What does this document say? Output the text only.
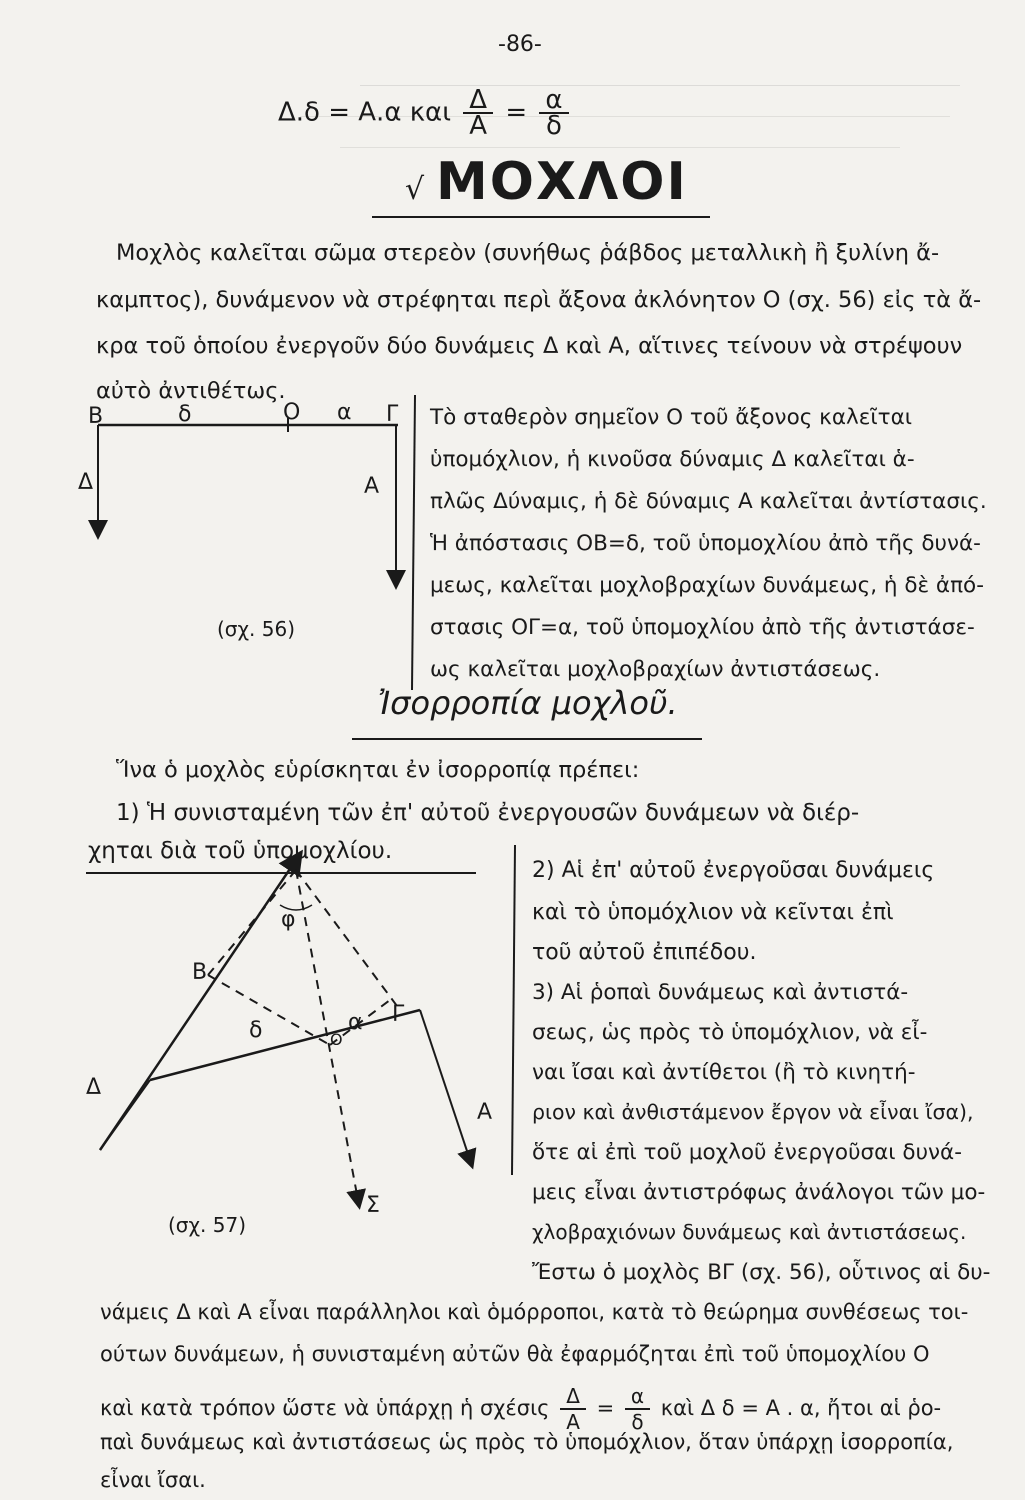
-86-
Δ.δ = Α.α και $\frac{\Delta}{A} = \frac{\alpha}{\delta}$
√ ΜΟΧΛΟΙ
Μοχλὸς καλεῖται σῶμα στερεὸν (συνήθως ῥάβδος μεταλλικὴ ἢ ξυλίνη ἄ-
καμπτος), δυνάμενον νὰ στρέφηται περὶ ἄξονα ἀκλόνητον Ο (σχ. 56) εἰς τὰ ἄ-
κρα τοῦ ὁποίου ἐνεργοῦν δύο δυνάμεις Δ καὶ Α, αἵτινες τείνουν νὰ στρέψουν
αὐτὸ ἀντιθέτως.
Β	δ	Ο α Γ
Δ	Α
(σχ. 56)
Τὸ σταθερὸν σημεῖον Ο τοῦ ἄξονος καλεῖται
ὑπομόχλιον, ἡ κινοῦσα δύναμις Δ καλεῖται ἁ-
πλῶς Δύναμις, ἡ δὲ δύναμις Α καλεῖται ἀντίστασις.
Ἡ ἀπόστασις ΟΒ=δ, τοῦ ὑπομοχλίου ἀπὸ τῆς δυνά-
μεως, καλεῖται μοχλοβραχίων δυνάμεως, ἡ δὲ ἀπό-
στασις ΟΓ=α, τοῦ ὑπομοχλίου ἀπὸ τῆς ἀντιστάσε-
ως καλεῖται μοχλοβραχίων ἀντιστάσεως.
Ἰσορροπία μοχλοῦ.
Ἵνα ὁ μοχλὸς εὑρίσκηται ἐν ἰσορροπίᾳ πρέπει:
1) Ἡ συνισταμένη τῶν ἐπ' αὐτοῦ ἐνεργουσῶν δυνάμεων νὰ διέρ-
χηται διὰ τοῦ ὑπομοχλίου.
φ
Β
δ	Ο
α Γ
Δ
Α
Σ
(σχ. 57)
2) Αἱ ἐπ' αὐτοῦ ἐνεργοῦσαι δυνάμεις
καὶ τὸ ὑπομόχλιον νὰ κεῖνται ἐπὶ
τοῦ αὐτοῦ ἐπιπέδου.
3) Αἱ ῥοπαὶ δυνάμεως καὶ ἀντιστά-
σεως, ὡς πρὸς τὸ ὑπομόχλιον, νὰ εἶ-
ναι ἴσαι καὶ ἀντίθετοι (ἢ τὸ κινητή-
ριον καὶ ἀνθιστάμενον ἔργον νὰ εἶναι ἴσα),
ὅτε αἱ ἐπὶ τοῦ μοχλοῦ ἐνεργοῦσαι δυνά-
μεις εἶναι ἀντιστρόφως ἀνάλογοι τῶν μο-
χλοβραχιόνων δυνάμεως καὶ ἀντιστάσεως.
Ἔστω ὁ μοχλὸς ΒΓ (σχ. 56), οὗτινος αἱ δυ-
νάμεις Δ καὶ Α εἶναι παράλληλοι καὶ ὁμόρροποι, κατὰ τὸ θεώρημα συνθέσεως τοι-
ούτων δυνάμεων, ἡ συνισταμένη αὐτῶν θὰ ἐφαρμόζηται ἐπὶ τοῦ ὑπομοχλίου Ο
καὶ κατὰ τρόπον ὥστε νὰ ὑπάρχῃ ἡ σχέσις $\frac{\Delta}{A} = \frac{\alpha}{\delta}$ καὶ Δ δ = Α . α, ἤτοι αἱ ῥο-
παὶ δυνάμεως καὶ ἀντιστάσεως ὡς πρὸς τὸ ὑπομόχλιον, ὅταν ὑπάρχῃ ἰσορροπία,
εἶναι ἴσαι.
